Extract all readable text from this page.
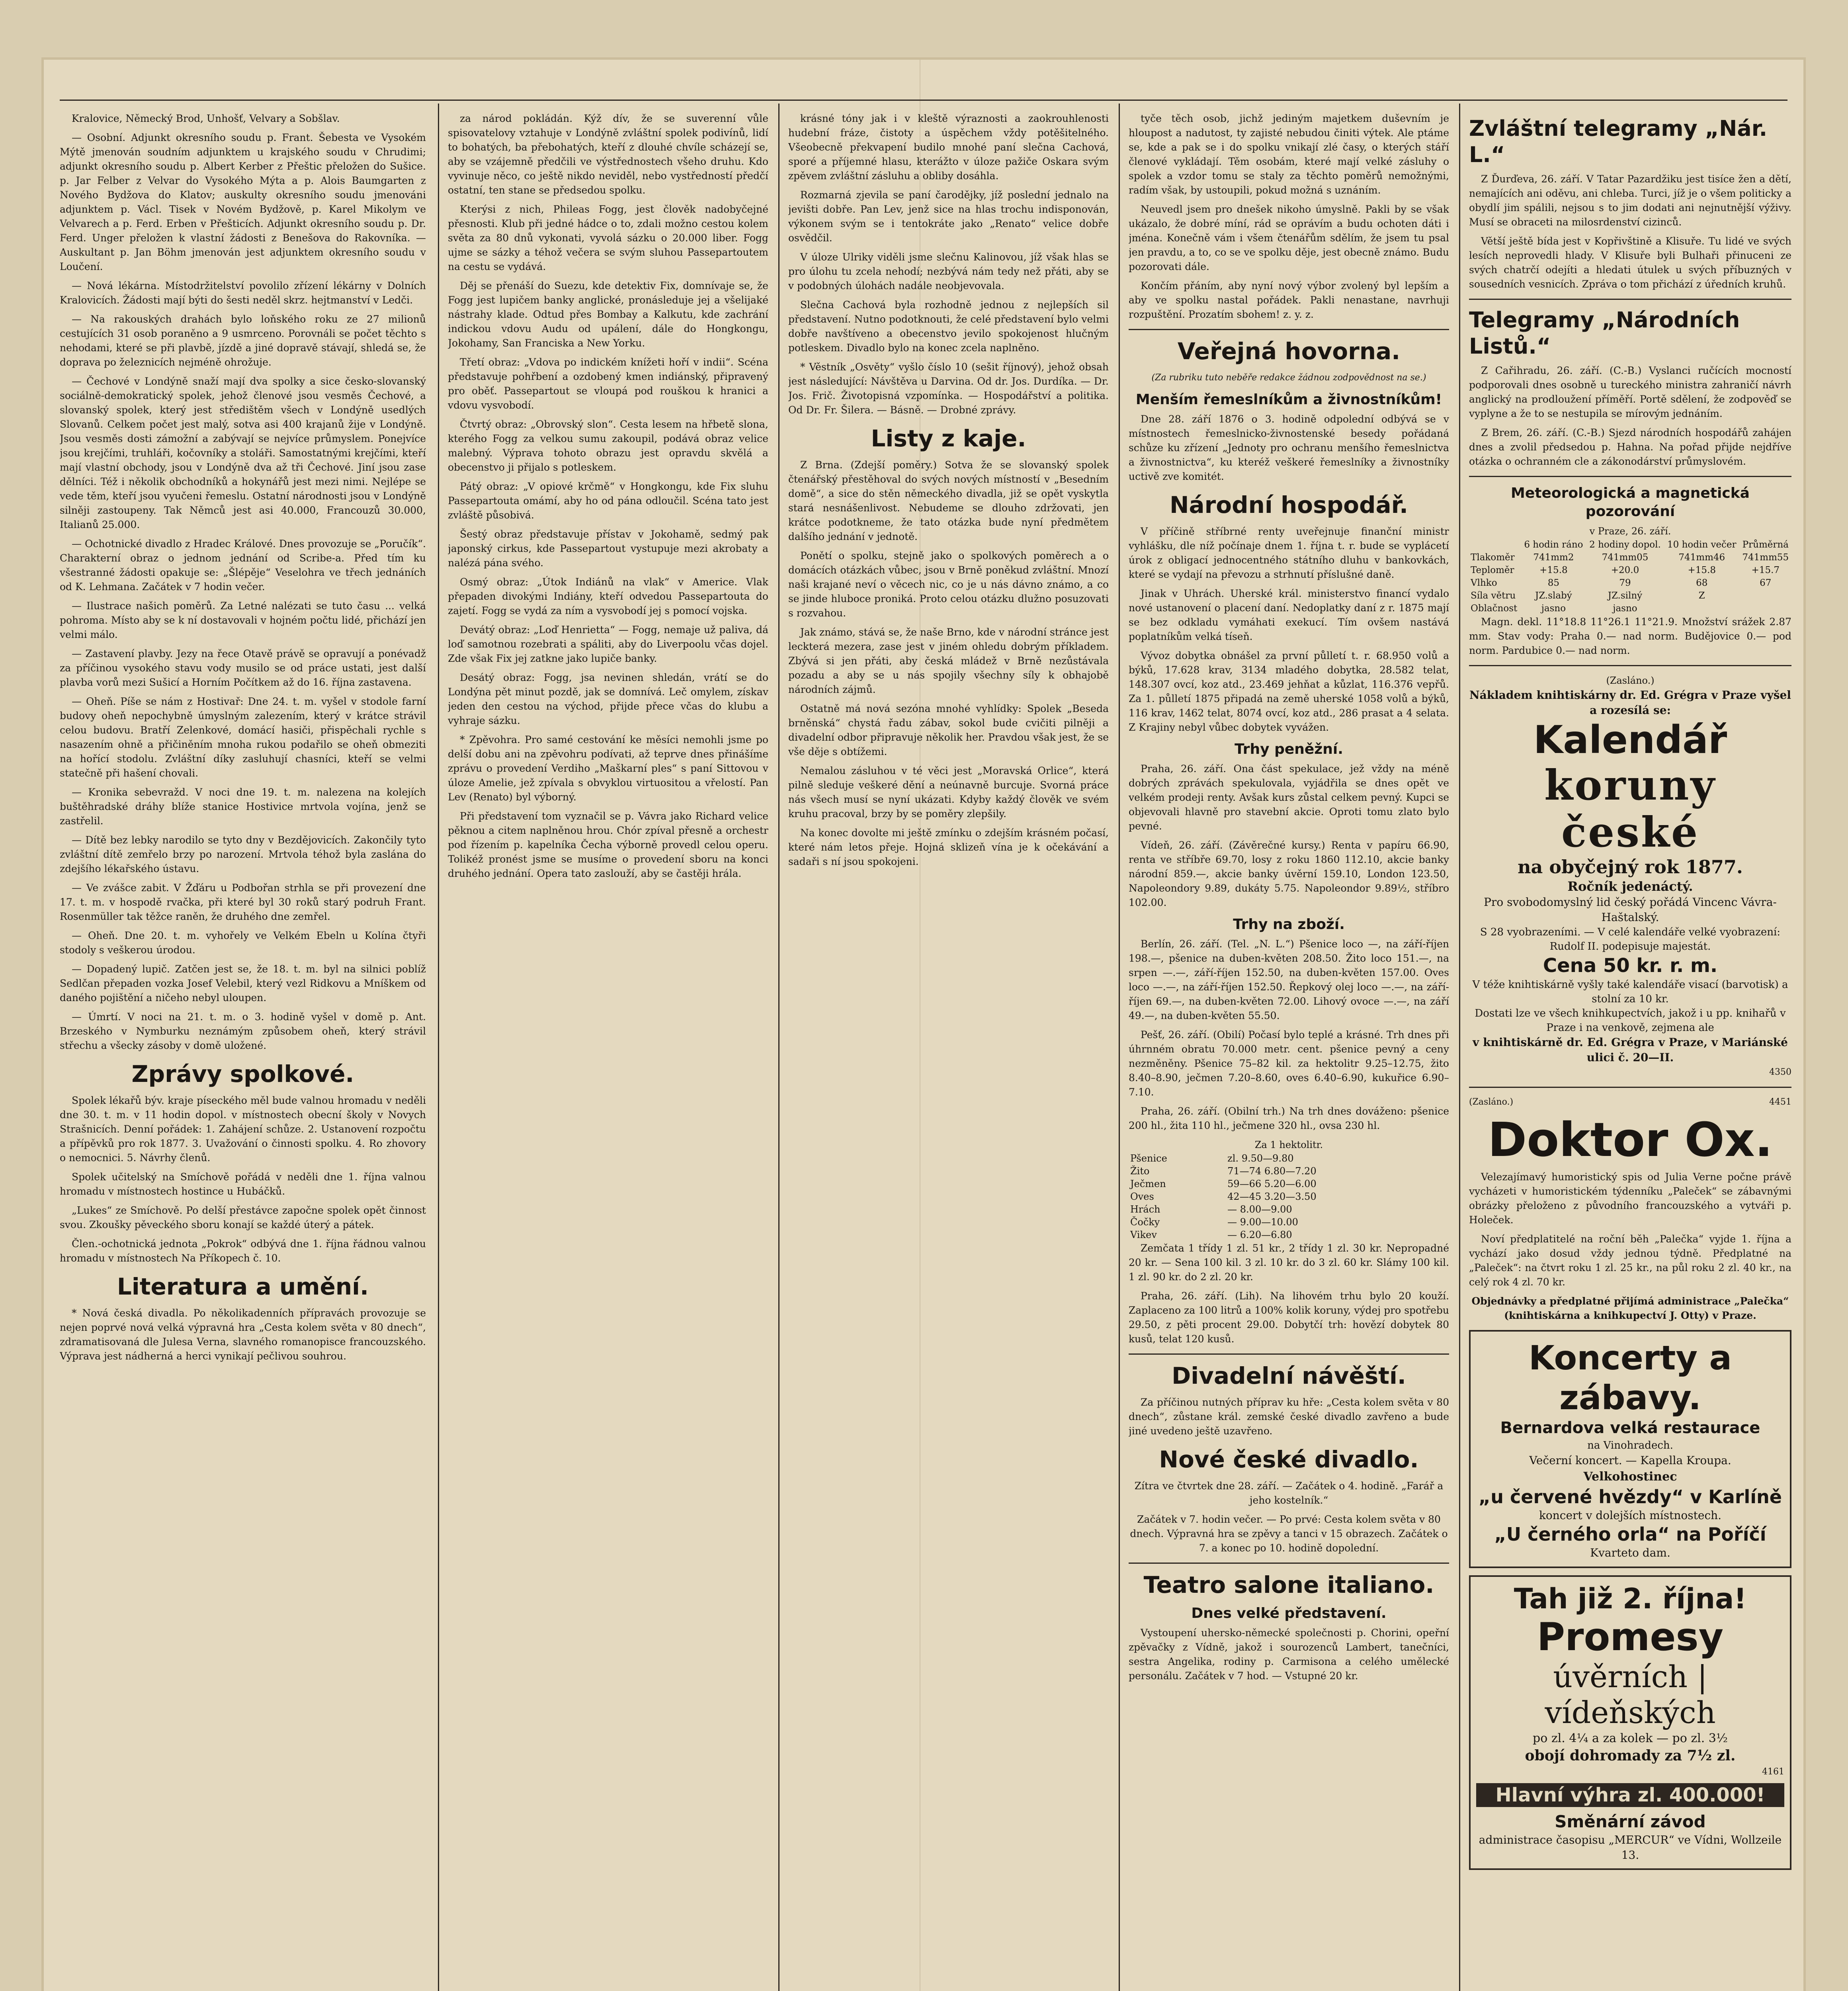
Kralovice, Německý Brod, Unhošť, Velvary a Sobšlav.

— Osobní. Adjunkt okresního soudu p. Frant. Šebesta ve Vysokém Mýtě jmenován soudním adjunktem u krajského soudu v Chrudimi; adjunkt okresního soudu p. Albert Kerber z Přeštic přeložen do Sušice. p. Jar Felber z Velvar do Vysokého Mýta a p. Alois Baumgarten z Nového Bydžova do Klatov; auskulty okresního soudu jmenováni adjunktem p. Václ. Tisek v Novém Bydžově, p. Karel Mikolym ve Velvarech a p. Ferd. Erben v Přešticích. Adjunkt okresního soudu p. Dr. Ferd. Unger přeložen k vlastní žádosti z Benešova do Rakovníka. — Auskultant p. Jan Böhm jmenován jest adjunktem okresního soudu v Loučení.

— Nová lékárna. Místodržitelství povolilo zřízení lékárny v Dolních Kralovicích. Žádosti mají býti do šesti neděl skrz. hejtmanství v Ledči.

— Na rakouských drahách bylo loňského roku ze 27 milionů cestujících 31 osob poraněno a 9 usmrceno. Porovnáli se počet těchto s nehodami, které se při plavbě, jízdě a jiné dopravě stávají, shledá se, že doprava po železnicích nejméně ohrožuje.

— Čechové v Londýně snaží mají dva spolky a sice česko-slovanský sociálně-demokratický spolek, jehož členové jsou vesměs Čechové, a slovanský spolek, který jest středištěm všech v Londýně usedlých Slovanů. Celkem počet jest malý, sotva asi 400 krajanů žije v Londýně. Jsou vesměs dosti zámožní a zabývají se nejvíce průmyslem. Ponejvíce jsou krejčími, truhláři, kočovníky a stoláři. Samostatnými krejčími, kteří mají vlastní obchody, jsou v Londýně dva až tři Čechové. Jiní jsou zase dělníci. Též i několik obchodníků a hokynářů jest mezi nimi. Nejlépe se vede těm, kteří jsou vyučeni řemeslu. Ostatní národnosti jsou v Londýně silněji zastoupeny. Tak Němců jest asi 40.000, Francouzů 30.000, Italianů 25.000.

— Ochotnické divadlo z Hradec Králové. Dnes provozuje se „Poručík“. Charakterní obraz o jednom jednání od Scribe-a. Před tím ku všestranné žádosti opakuje se: „Šlépěje“ Veselohra ve třech jednáních od K. Lehmana. Začátek v 7 hodin večer.

— Ilustrace našich poměrů. Za Letné nalézati se tuto času ... velká pohroma. Místo aby se k ní dostavovali v hojném počtu lidé, přichází jen velmi málo.

— Zastavení plavby. Jezy na řece Otavě právě se opravují a ponévadž za příčinou vysokého stavu vody musilo se od práce ustati, jest další plavba vorů mezi Sušicí a Horním Počítkem až do 16. října zastavena.

— Oheň. Píše se nám z Hostivař: Dne 24. t. m. vyšel v stodole farní budovy oheň nepochybně úmyslným zalezením, který v krátce strávil celou budovu. Bratří Zelenkové, domácí hasiči, přispěchali rychle s nasazením ohně a přičiněním mnoha rukou podařilo se oheň obmeziti na hořící stodolu. Zvláštní díky zasluhují chasníci, kteří se velmi statečně při hašení chovali.

— Kronika sebevražd. V noci dne 19. t. m. nalezena na kolejích buštěhradské dráhy blíže stanice Hostivice mrtvola vojína, jenž se zastřelil.

— Dítě bez lebky narodilo se tyto dny v Bezdějovicích. Zakončily tyto zvláštní dítě zemřelo brzy po narození. Mrtvola téhož byla zaslána do zdejšího lékařského ústavu.

— Ve zvášce zabit. V Žďáru u Podbořan strhla se při provezení dne 17. t. m. v hospodě rvačka, při které byl 30 roků starý podruh Frant. Rosenmüller tak těžce raněn, že druhého dne zemřel.

— Oheň. Dne 20. t. m. vyhořely ve Velkém Ebeln u Kolína čtyři stodoly s veškerou úrodou.

— Dopadený lupič. Zatčen jest se, že 18. t. m. byl na silnici poblíž Sedlčan přepaden vozka Josef Velebil, který vezl Ridkovu a Mníškem od daného pojištění a ničeho nebyl uloupen.

— Úmrtí. V noci na 21. t. m. o 3. hodině vyšel v domě p. Ant. Brzeského v Nymburku neznámým způsobem oheň, který strávil střechu a všecky zásoby v domě uložené.

Zprávy spolkové.

Spolek lékařů býv. kraje píseckého měl bude valnou hromadu v neděli dne 30. t. m. v 11 hodin dopol. v místnostech obecní školy v Novych Strašnicích. Denní pořádek: 1. Zahájení schůze. 2. Ustanovení rozpočtu a přípěvků pro rok 1877. 3. Uvažování o činnosti spolku. 4. Ro zhovory o nemocnici. 5. Návrhy členů.

Spolek učitelský na Smíchově pořádá v neděli dne 1. října valnou hromadu v místnostech hostince u Hubáčků.

„Lukes“ ze Smíchově. Po delší přestávce započne spolek opět činnost svou. Zkoušky pěveckého sboru konají se každé úterý a pátek.

Člen.-ochotnická jednota „Pokrok“ odbývá dne 1. října řádnou valnou hromadu v místnostech Na Příkopech č. 10.

Literatura a umění.

* Nová česká divadla. Po několikadenních přípravách provozuje se nejen poprvé nová velká výpravná hra „Cesta kolem světa v 80 dnech“, zdramatisovaná dle Julesa Verna, slavného romanopisce francouzského. Výprava jest nádherná a herci vynikají pečlivou souhrou.

za národ pokládán. Kýž dív, že se suverenní vůle spisovatelovy vztahuje v Londýně zvláštní spolek podivínů, lidí to bohatých, ba přebohatých, kteří z dlouhé chvíle scházejí se, aby se vzájemně předčili ve výstřednostech všeho druhu. Kdo vyvinuje něco, co ještě nikdo neviděl, nebo vystředností předčí ostatní, ten stane se předsedou spolku.

Kterýsi z nich, Phileas Fogg, jest člověk nadobyčejné přesnosti. Klub při jedné hádce o to, zdali možno cestou kolem světa za 80 dnů vykonati, vyvolá sázku o 20.000 liber. Fogg ujme se sázky a téhož večera se svým sluhou Passepartoutem na cestu se vydává.

Děj se přenáší do Suezu, kde detektiv Fix, domnívaje se, že Fogg jest lupičem banky anglické, pronásleduje jej a všelijaké nástrahy klade. Odtud přes Bombay a Kalkutu, kde zachrání indickou vdovu Audu od upálení, dále do Hongkongu, Jokohamy, San Franciska a New Yorku.

Třetí obraz: „Vdova po indickém knížeti hoří v indii“. Scéna představuje pohřbení a ozdobený kmen indiánský, připravený pro oběť. Passepartout se vloupá pod rouškou k hranici a vdovu vysvobodí.

Čtvrtý obraz: „Obrovský slon“. Cesta lesem na hřbetě slona, kterého Fogg za velkou sumu zakoupil, podává obraz velice malebný. Výprava tohoto obrazu jest opravdu skvělá a obecenstvo ji přijalo s potleskem.

Pátý obraz: „V opiové krčmě“ v Hongkongu, kde Fix sluhu Passepartouta omámí, aby ho od pána odloučil. Scéna tato jest zvláště působivá.

Šestý obraz představuje přístav v Jokohamě, sedmý pak japonský cirkus, kde Passepartout vystupuje mezi akrobaty a nalézá pána svého.

Osmý obraz: „Útok Indiánů na vlak“ v Americe. Vlak přepaden divokými Indiány, kteří odvedou Passepartouta do zajetí. Fogg se vydá za ním a vysvobodí jej s pomocí vojska.

Devátý obraz: „Loď Henrietta“ — Fogg, nemaje už paliva, dá loď samotnou rozebrati a spáliti, aby do Liverpoolu včas dojel. Zde však Fix jej zatkne jako lupiče banky.

Desátý obraz: Fogg, jsa nevinen shledán, vrátí se do Londýna pět minut pozdě, jak se domnívá. Leč omylem, získav jeden den cestou na východ, přijde přece včas do klubu a vyhraje sázku.

* Zpěvohra. Pro samé cestování ke měsíci nemohli jsme po delší dobu ani na zpěvohru podívati, až teprve dnes přinášíme zprávu o provedení Verdiho „Maškarní ples“ s paní Sittovou v úloze Amelie, jež zpívala s obvyklou virtuositou a vřelostí. Pan Lev (Renato) byl výborný.

Při představení tom vyznačil se p. Vávra jako Richard velice pěknou a citem naplněnou hrou. Chór zpíval přesně a orchestr pod řízením p. kapelníka Čecha výborně provedl celou operu. Tolikéž pronést jsme se musíme o provedení sboru na konci druhého jednání. Opera tato zaslouží, aby se častěji hrála.

krásné tóny jak i v kleště výraznosti a zaokrouhlenosti hudební fráze, čistoty a úspěchem vždy potěšitelného. Všeobecně překvapení budilo mnohé paní slečna Cachová, sporé a příjemné hlasu, kterážto v úloze pažiče Oskara svým zpěvem zvláštní zásluhu a obliby dosáhla.

Rozmarná zjevila se paní čarodějky, jíž poslední jednalo na jevišti dobře. Pan Lev, jenž sice na hlas trochu indisponován, výkonem svým se i tentokráte jako „Renato“ velice dobře osvědčil.

V úloze Ulriky viděli jsme slečnu Kalinovou, jíž však hlas se pro úlohu tu zcela nehodí; nezbývá nám tedy než přáti, aby se v podobných úlohách nadále neobjevovala.

Slečna Cachová byla rozhodně jednou z nejlepších sil představení. Nutno podotknouti, že celé představení bylo velmi dobře navštíveno a obecenstvo jevilo spokojenost hlučným potleskem. Divadlo bylo na konec zcela naplněno.

* Věstník „Osvěty“ vyšlo číslo 10 (sešit říjnový), jehož obsah jest následující: Návštěva u Darvina. Od dr. Jos. Durdíka. — Dr. Jos. Frič. Životopisná vzpomínka. — Hospodářství a politika. Od Dr. Fr. Šilera. — Básně. — Drobné zprávy.

Listy z kaje.

Z Brna. (Zdejší poměry.) Sotva že se slovanský spolek čtenářský přestěhoval do svých nových místností v „Besedním domě“, a sice do stěn německého divadla, již se opět vyskytla stará nesnášenlivost. Nebudeme se dlouho zdržovati, jen krátce podotkneme, že tato otázka bude nyní předmětem dalšího jednání v jednotě.

Ponětí o spolku, stejně jako o spolkových poměrech a o domácích otázkách vůbec, jsou v Brně poněkud zvláštní. Mnozí naši krajané neví o věcech nic, co je u nás dávno známo, a co se jinde hluboce proniká. Proto celou otázku dlužno posuzovati s rozvahou.

Jak známo, stává se, že naše Brno, kde v národní stránce jest leckterá mezera, zase jest v jiném ohledu dobrým příkladem. Zbývá si jen přáti, aby česká mládež v Brně nezůstávala pozadu a aby se u nás spojily všechny síly k obhajobě národních zájmů.

Ostatně má nová sezóna mnohé vyhlídky: Spolek „Beseda brněnská“ chystá řadu zábav, sokol bude cvičiti pilněji a divadelní odbor připravuje několik her. Pravdou však jest, že se vše děje s obtížemi.

Nemalou zásluhou v té věci jest „Moravská Orlice“, která pilně sleduje veškeré dění a neúnavně burcuje. Svorná práce nás všech musí se nyní ukázati. Kdyby každý člověk ve svém kruhu pracoval, brzy by se poměry zlepšily.

Na konec dovolte mi ještě zmínku o zdejším krásném počasí, které nám letos přeje. Hojná sklizeň vína je k očekávání a sadaři s ní jsou spokojeni.

tyče těch osob, jichž jediným majetkem duševním je hloupost a nadutost, ty zajisté nebudou činiti výtek. Ale ptáme se, kde a pak se i do spolku vnikají zlé časy, o kterých stáří členové vykládají. Těm osobám, které mají velké zásluhy o spolek a vzdor tomu se staly za těchto poměrů nemožnými, radím však, by ustoupili, pokud možná s uznáním.

Neuvedl jsem pro dnešek nikoho úmyslně. Pakli by se však ukázalo, že dobré míní, rád se oprávím a budu ochoten dáti i jména. Konečně vám i všem čtenářům sdělím, že jsem tu psal jen pravdu, a to, co se ve spolku děje, jest obecně známo. Budu pozorovati dále.

Končím přáním, aby nyní nový výbor zvolený byl lepším a aby ve spolku nastal pořádek. Pakli nenastane, navrhuji rozpuštění. Prozatím sbohem! z. y. z.

Veřejná hovorna.
(Za rubriku tuto neběře redakce žádnou zodpovědnost na se.)
Menším řemeslníkům a živnostníkům!

Dne 28. září 1876 o 3. hodině odpolední odbývá se v místnostech řemeslnicko-živnostenské besedy pořádaná schůze ku zřízení „Jednoty pro ochranu menšího řemeslnictva a živnostnictva“, ku kteréž veškeré řemeslníky a živnostníky uctivě zve komitét.

Národní hospodář.

V příčině stříbrné renty uveřejnuje finanční ministr vyhlášku, dle níž počínaje dnem 1. října t. r. bude se vyplácetí úrok z obligací jednocentného státního dluhu v bankovkách, které se vydají na převozu a strhnutí příslušné daně.

Jinak v Uhrách. Uherské král. ministerstvo financí vydalo nové ustanovení o placení daní. Nedoplatky daní z r. 1875 mají se bez odkladu vymáhati exekucí. Tím ovšem nastává poplatníkům velká tíseň.

Vývoz dobytka obnášel za první půlletí t. r. 68.950 volů a býků, 17.628 krav, 3134 mladého dobytka, 28.582 telat, 148.307 ovcí, koz atd., 23.469 jehňat a kůzlat, 116.376 vepřů. Za 1. půlletí 1875 připadá na země uherské 1058 volů a býků, 116 krav, 1462 telat, 8074 ovcí, koz atd., 286 prasat a 4 selata. Z Krajiny nebyl vůbec dobytek vyvážen.

Trhy peněžní.

Praha, 26. září. Ona část spekulace, jež vždy na méně dobrých zprávách spekulovala, vyjádřila se dnes opět ve velkém prodeji renty. Avšak kurs zůstal celkem pevný. Kupci se objevovali hlavně pro stavební akcie. Oproti tomu zlato bylo pevné.

Vídeň, 26. září. (Závěrečné kursy.) Renta v papíru 66.90, renta ve stříbře 69.70, losy z roku 1860 112.10, akcie banky národní 859.—, akcie banky úvěrní 159.10, London 123.50, Napoleondory 9.89, dukáty 5.75. Napoleondor 9.89½, stříbro 102.00.

Trhy na zboží.

Berlín, 26. září. (Tel. „N. L.“) Pšenice loco —, na září-říjen 198.—, pšenice na duben-květen 208.50. Žito loco 151.—, na srpen —.—, září-říjen 152.50, na duben-květen 157.00. Oves loco —.—, na září-říjen 152.50. Řepkový olej loco —.—, na září-říjen 69.—, na duben-květen 72.00. Lihový ovoce —.—, na září 49.—, na duben-květen 55.50.

Pešť, 26. září. (Obilí) Počasí bylo teplé a krásné. Trh dnes při úhrnném obratu 70.000 metr. cent. pšenice pevný a ceny nezměněny. Pšenice 75–82 kil. za hektolitr 9.25–12.75, žito 8.40–8.90, ječmen 7.20–8.60, oves 6.40–6.90, kukuřice 6.90–7.10.

Praha, 26. září. (Obilní trh.) Na trh dnes dováženo: pšenice 200 hl., žita 110 hl., ječmene 320 hl., ovsa 230 hl.

Za 1 hektolitr.
Pšenice	zl. 9.50—9.80
Žito	71—74 6.80—7.20
Ječmen	59—66 5.20—6.00
Oves	42—45 3.20—3.50
Hrách	— 8.00—9.00
Čočky	— 9.00—10.00
Vikev	— 6.20—6.80

Zemčata 1 třídy 1 zl. 51 kr., 2 třídy 1 zl. 30 kr. Nepropadné 20 kr. — Sena 100 kil. 3 zl. 10 kr. do 3 zl. 60 kr. Slámy 100 kil. 1 zl. 90 kr. do 2 zl. 20 kr.

Praha, 26. září. (Lih). Na lihovém trhu bylo 20 kouží. Zaplaceno za 100 litrů a 100% kolik koruny, výdej pro spotřebu 29.50, z pěti procent 29.00. Dobytčí trh: hovězí dobytek 80 kusů, telat 120 kusů.

Divadelní návěští.

Za příčinou nutných příprav ku hře: „Cesta kolem světa v 80 dnech“, zůstane král. zemské české divadlo zavřeno a bude jiné uvedeno ještě uzavřeno.

Nové české divadlo.

Zítra ve čtvrtek dne 28. září. — Začátek o 4. hodině. „Farář a jeho kostelník.“

Začátek v 7. hodin večer. — Po prvé: Cesta kolem světa v 80 dnech. Výpravná hra se zpěvy a tanci v 15 obrazech. Začátek o 7. a konec po 10. hodině dopolední.

Teatro salone italiano.
Dnes velké představení.

Vystoupení uhersko-německé společnosti p. Chorini, opeřní zpěvačky z Vídně, jakož i sourozenců Lambert, tanečníci, sestra Angelika, rodiny p. Carmisona a celého umělecké personálu. Začátek v 7 hod. — Vstupné 20 kr.

Zvláštní telegramy „Nár. L.“

Z Ďurďeva, 26. září. V Tatar Pazardžiku jest tisíce žen a dětí, nemajících ani oděvu, ani chleba. Turci, jíž je o všem politicky a obydlí jim spálili, nejsou s to jim dodati ani nejnutnější výživy. Musí se obraceti na milosrdenství cizinců.

Větší ještě bída jest v Kopřivštině a Klisuře. Tu lidé ve svých lesích neprovedli hlady. V Klisuře byli Bulhaři přinuceni ze svých chatrčí odejíti a hledati útulek u svých příbuzných v sousedních vesnicích. Zpráva o tom přichází z úředních kruhů.

Telegramy „Národních Listů.“

Z Cařihradu, 26. září. (C.-B.) Vyslanci ručících mocností podporovali dnes osobně u tureckého ministra zahraničí návrh anglický na prodloužení příměří. Portě sdělení, že zodpověď se vyplyne a že to se nestupila se mírovým jednáním.

Z Brem, 26. září. (C.-B.) Sjezd národních hospodářů zahájen dnes a zvolil předsedou p. Hahna. Na pořad přijde nejdříve otázka o ochranném cle a zákonodárství průmyslovém.

Meteorologická a magnetická pozorování
v Praze, 26. září.
	6 hodin ráno	2 hodiny dopol.	10 hodin večer	Průměrná
Tlakoměr	741mm2	741mm05	741mm46	741mm55
Teploměr	+15.8	+20.0	+15.8	+15.7
Vlhko	85	79	68	67
Síla větru	JZ.slabý	JZ.silný	Z	
Oblačnost	jasno	jasno		

Magn. dekl. 11°18.8 11°26.1 11°21.9. Množství srážek 2.87 mm. Stav vody: Praha 0.— nad norm. Budějovice 0.— pod norm. Pardubice 0.— nad norm.

(Zasláno.)
Nákladem knihtiskárny dr. Ed. Grégra v Praze vyšel a rozesílá se:
Kalendář
koruny české
na obyčejný rok 1877.
Ročník jedenáctý.
Pro svobodomyslný lid český pořádá Vincenc Vávra-Haštalský.
S 28 vyobrazeními. — V celé kalendáře velké vyobrazení: Rudolf II. podepisuje majestát.
Cena 50 kr. r. m.
V téže knihtiskárně vyšly také kalendáře visací (barvotisk) a stolní za 10 kr.
Dostati lze ve všech knihkupectvích, jakož i u pp. knihařů v Praze i na venkově, zejmena ale
v knihtiskárně dr. Ed. Grégra v Praze, v Mariánské ulici č. 20—II.
4350
(Zasláno.)	4451
Doktor Ox.

Velezajímavý humoristický spis od Julia Verne počne právě vycházeti v humoristickém týdenníku „Paleček“ se zábavnými obrázky přeloženo z původního francouzského a vytváři p. Holeček.

Noví předplatitelé na roční běh „Palečka“ vyjde 1. října a vychází jako dosud vždy jednou týdně. Předplatné na „Paleček“: na čtvrt roku 1 zl. 25 kr., na půl roku 2 zl. 40 kr., na celý rok 4 zl. 70 kr.

Objednávky a předplatné přijímá administrace „Palečka“ (knihtiskárna a knihkupectví J. Otty) v Praze.

Koncerty a zábavy.
Bernardova velká restaurace
na Vinohradech.
Večerní koncert. — Kapella Kroupa.
Velkohostinec
„u červené hvězdy“ v Karlíně
koncert v dolejších místnostech.
„U černého orla“ na Poříčí
Kvarteto dam.
Tah již 2. října!
Promesy
úvěrních | vídeňských
po zl. 4¼ a za kolek — po zl. 3½
obojí dohromady za 7½ zl.
4161
Hlavní výhra zl. 400.000!
Směnární závod
administrace časopisu „MERCUR“ ve Vídni, Wollzeile 13.
